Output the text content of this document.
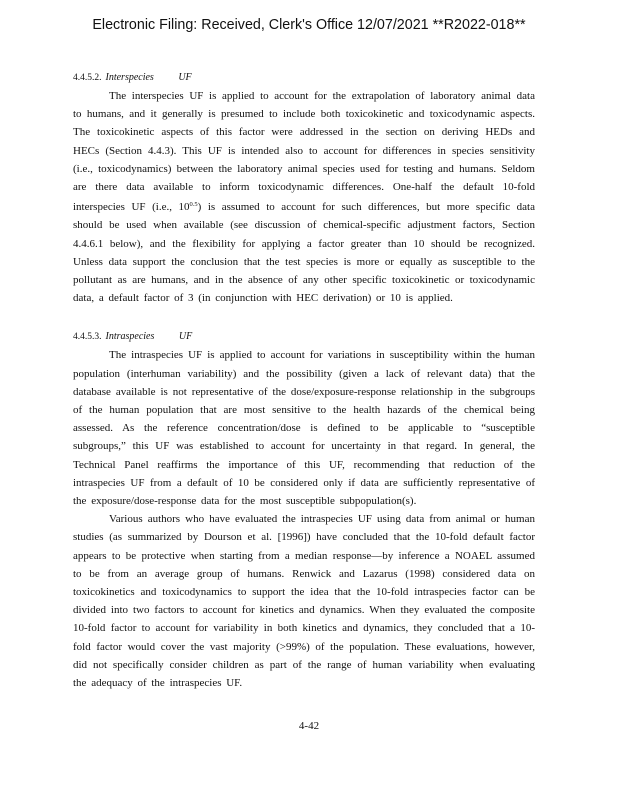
Electronic Filing: Received, Clerk's Office 12/07/2021 **R2022-018**
4.4.5.2. Interspecies UF

The interspecies UF is applied to account for the extrapolation of laboratory animal data to humans, and it generally is presumed to include both toxicokinetic and toxicodynamic aspects. The toxicokinetic aspects of this factor were addressed in the section on deriving HEDs and HECs (Section 4.4.3). This UF is intended also to account for differences in species sensitivity (i.e., toxicodynamics) between the laboratory animal species used for testing and humans. Seldom are there data available to inform toxicodynamic differences. One-half the default 10-fold interspecies UF (i.e., $10^{0.5}$) is assumed to account for such differences, but more specific data should be used when available (see discussion of chemical-specific adjustment factors, Section 4.4.6.1 below), and the flexibility for applying a factor greater than 10 should be recognized. Unless data support the conclusion that the test species is more or equally as susceptible to the pollutant as are humans, and in the absence of any other specific toxicokinetic or toxicodynamic data, a default factor of 3 (in conjunction with HEC derivation) or 10 is applied.

4.4.5.3. Intraspecies UF

The intraspecies UF is applied to account for variations in susceptibility within the human population (interhuman variability) and the possibility (given a lack of relevant data) that the database available is not representative of the dose/exposure-response relationship in the subgroups of the human population that are most sensitive to the health hazards of the chemical being assessed. As the reference concentration/dose is defined to be applicable to “susceptible subgroups,” this UF was established to account for uncertainty in that regard. In general, the Technical Panel reaffirms the importance of this UF, recommending that reduction of the intraspecies UF from a default of 10 be considered only if data are sufficiently representative of the exposure/dose-response data for the most susceptible subpopulation(s).

Various authors who have evaluated the intraspecies UF using data from animal or human studies (as summarized by Dourson et al. [1996]) have concluded that the 10-fold default factor appears to be protective when starting from a median response—by inference a NOAEL assumed to be from an average group of humans. Renwick and Lazarus (1998) considered data on toxicokinetics and toxicodynamics to support the idea that the 10-fold intraspecies factor can be divided into two factors to account for kinetics and dynamics. When they evaluated the composite 10-fold factor to account for variability in both kinetics and dynamics, they concluded that a 10-fold factor would cover the vast majority (>99%) of the population. These evaluations, however, did not specifically consider children as part of the range of human variability when evaluating the adequacy of the intraspecies UF.

4-42
